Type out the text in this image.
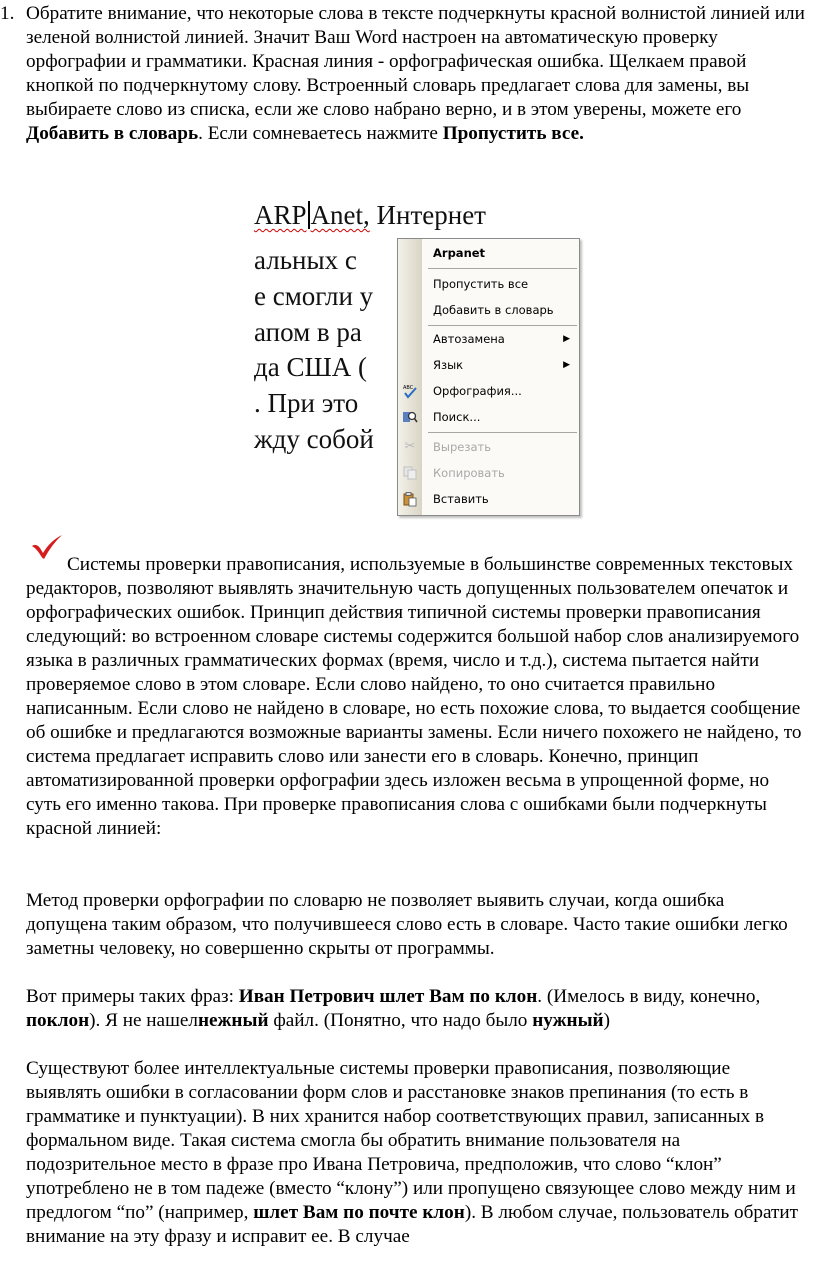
1. Обратите внимание, что некоторые слова в тексте подчеркнуты красной волнистой линией или зеленой волнистой линией. Значит Ваш Word настроен на автоматическую проверку орфографии и грамматики. Красная линия - орфографическая ошибка. Щелкаем правой кнопкой по подчеркнутому слову. Встроенный словарь предлагает слова для замены, вы выбираете слово из списка, если же слово набрано верно, и в этом уверены, можете его Добавить в словарь. Если сомневаетесь нажмите Пропустить все.

ARP Anet, Интернет
альных с
е смогли у
апом в ра
да США (
. При это
жду собой
Arpanet
Пропустить все
Добавить в словарь
Автозамена	▶
Язык	▶
ABC Орфография...
Поиск...
✂ Вырезать
Копировать
Вставить

Системы проверки правописания, используемые в большинстве современных текстовых редакторов, позволяют выявлять значительную часть допущенных пользователем опечаток и орфографических ошибок. Принцип действия типичной системы проверки правописания следующий: во встроенном словаре системы содержится большой набор слов анализируемого языка в различных грамматических формах (время, число и т.д.), система пытается найти проверяемое слово в этом словаре. Если слово найдено, то оно считается правильно написанным. Если слово не найдено в словаре, но есть похожие слова, то выдается сообщение об ошибке и предлагаются возможные варианты замены. Если ничего похожего не найдено, то система предлагает исправить слово или занести его в словарь. Конечно, принцип автоматизированной проверки орфографии здесь изложен весьма в упрощенной форме, но суть его именно такова. При проверке правописания слова с ошибками были подчеркнуты красной линией:

Метод проверки орфографии по словарю не позволяет выявить случаи, когда ошибка допущена таким образом, что получившееся слово есть в словаре. Часто такие ошибки легко заметны человеку, но совершенно скрыты от программы.

Вот примеры таких фраз: Иван Петрович шлет Вам по клон. (Имелось в виду, конечно, поклон). Я не нашелнежный файл. (Понятно, что надо было нужный)

Существуют более интеллектуальные системы проверки правописания, позволяющие выявлять ошибки в согласовании форм слов и расстановке знаков препинания (то есть в грамматике и пунктуации). В них хранится набор соответствующих правил, записанных в формальном виде. Такая система смогла бы обратить внимание пользователя на подозрительное место в фразе про Ивана Петровича, предположив, что слово “клон” употреблено не в том падеже (вместо “клону”) или пропущено связующее слово между ним и предлогом “по” (например, шлет Вам по почте клон). В любом случае, пользователь обратит внимание на эту фразу и исправит ее. В случае
